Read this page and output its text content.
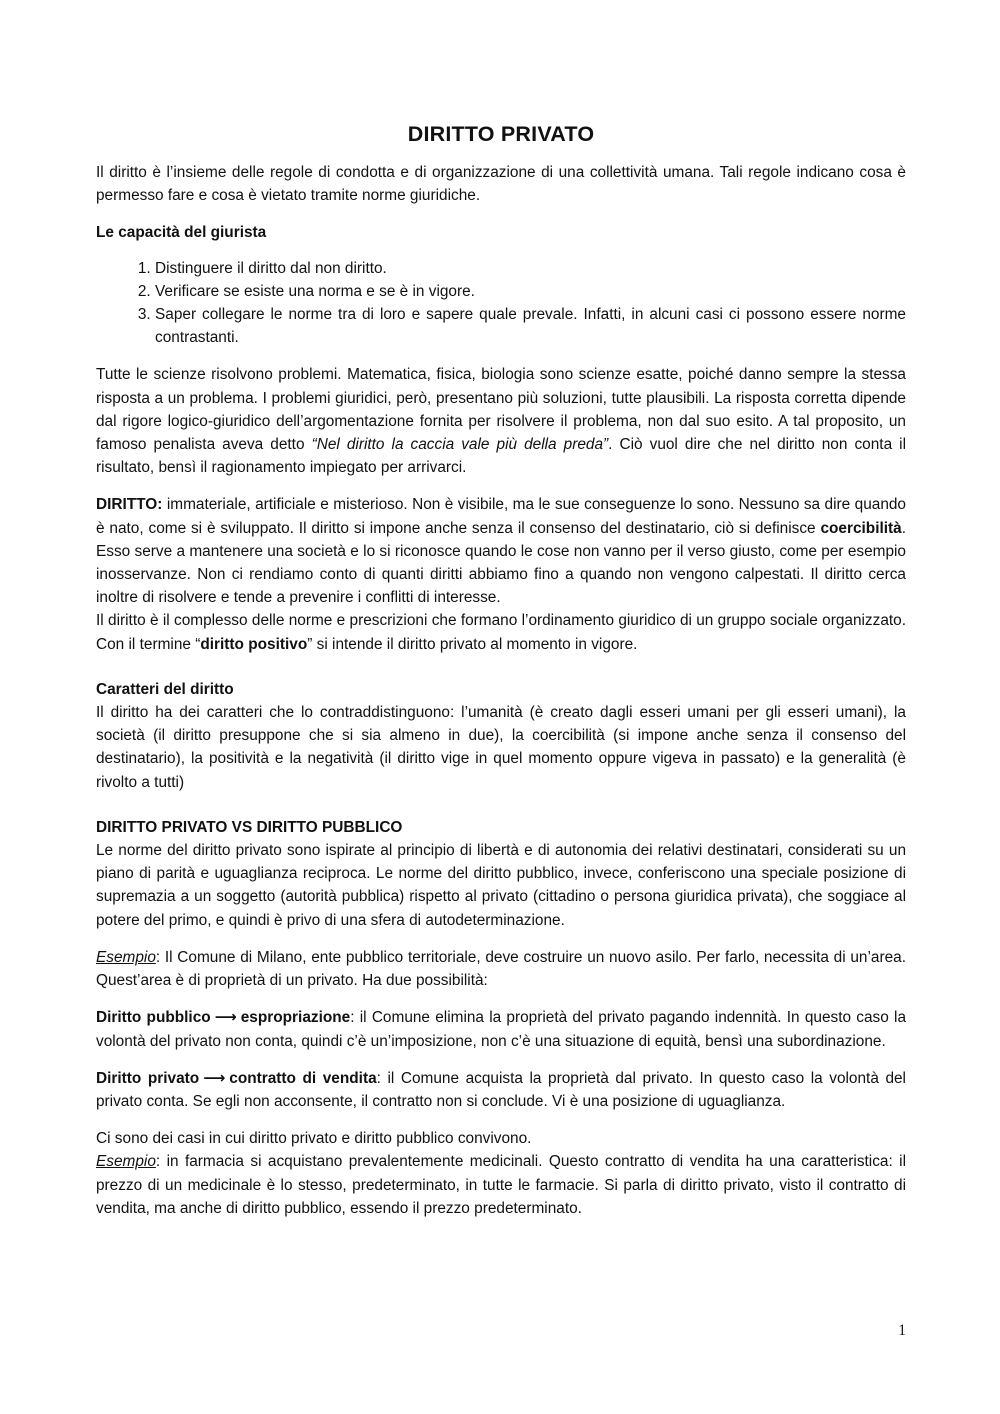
DIRITTO PRIVATO

Il diritto è l’insieme delle regole di condotta e di organizzazione di una collettività umana. Tali regole indicano cosa è permesso fare e cosa è vietato tramite norme giuridiche.

Le capacità del giurista

1. Distinguere il diritto dal non diritto.
2. Verificare se esiste una norma e se è in vigore.
3. Saper collegare le norme tra di loro e sapere quale prevale. Infatti, in alcuni casi ci possono essere norme contrastanti.

Tutte le scienze risolvono problemi. Matematica, fisica, biologia sono scienze esatte, poiché danno sempre la stessa risposta a un problema. I problemi giuridici, però, presentano più soluzioni, tutte plausibili. La risposta corretta dipende dal rigore logico-giuridico dell’argomentazione fornita per risolvere il problema, non dal suo esito. A tal proposito, un famoso penalista aveva detto “Nel diritto la caccia vale più della preda”. Ciò vuol dire che nel diritto non conta il risultato, bensì il ragionamento impiegato per arrivarci.

DIRITTO: immateriale, artificiale e misterioso. Non è visibile, ma le sue conseguenze lo sono. Nessuno sa dire quando è nato, come si è sviluppato. Il diritto si impone anche senza il consenso del destinatario, ciò si definisce coercibilità. Esso serve a mantenere una società e lo si riconosce quando le cose non vanno per il verso giusto, come per esempio inosservanze. Non ci rendiamo conto di quanti diritti abbiamo fino a quando non vengono calpestati. Il diritto cerca inoltre di risolvere e tende a prevenire i conflitti di interesse.

Il diritto è il complesso delle norme e prescrizioni che formano l’ordinamento giuridico di un gruppo sociale organizzato. Con il termine “diritto positivo” si intende il diritto privato al momento in vigore.

Caratteri del diritto

Il diritto ha dei caratteri che lo contraddistinguono: l’umanità (è creato dagli esseri umani per gli esseri umani), la società (il diritto presuppone che si sia almeno in due), la coercibilità (si impone anche senza il consenso del destinatario), la positività e la negatività (il diritto vige in quel momento oppure vigeva in passato) e la generalità (è rivolto a tutti)

DIRITTO PRIVATO VS DIRITTO PUBBLICO

Le norme del diritto privato sono ispirate al principio di libertà e di autonomia dei relativi destinatari, considerati su un piano di parità e uguaglianza reciproca. Le norme del diritto pubblico, invece, conferiscono una speciale posizione di supremazia a un soggetto (autorità pubblica) rispetto al privato (cittadino o persona giuridica privata), che soggiace al potere del primo, e quindi è privo di una sfera di autodeterminazione.

Esempio: Il Comune di Milano, ente pubblico territoriale, deve costruire un nuovo asilo. Per farlo, necessita di un’area. Quest’area è di proprietà di un privato. Ha due possibilità:

Diritto pubblico ⟶ espropriazione: il Comune elimina la proprietà del privato pagando indennità. In questo caso la volontà del privato non conta, quindi c’è un’imposizione, non c’è una situazione di equità, bensì una subordinazione.

Diritto privato ⟶ contratto di vendita: il Comune acquista la proprietà dal privato. In questo caso la volontà del privato conta. Se egli non acconsente, il contratto non si conclude. Vi è una posizione di uguaglianza.

Ci sono dei casi in cui diritto privato e diritto pubblico convivono.

Esempio: in farmacia si acquistano prevalentemente medicinali. Questo contratto di vendita ha una caratteristica: il prezzo di un medicinale è lo stesso, predeterminato, in tutte le farmacie. Si parla di diritto privato, visto il contratto di vendita, ma anche di diritto pubblico, essendo il prezzo predeterminato.

1
